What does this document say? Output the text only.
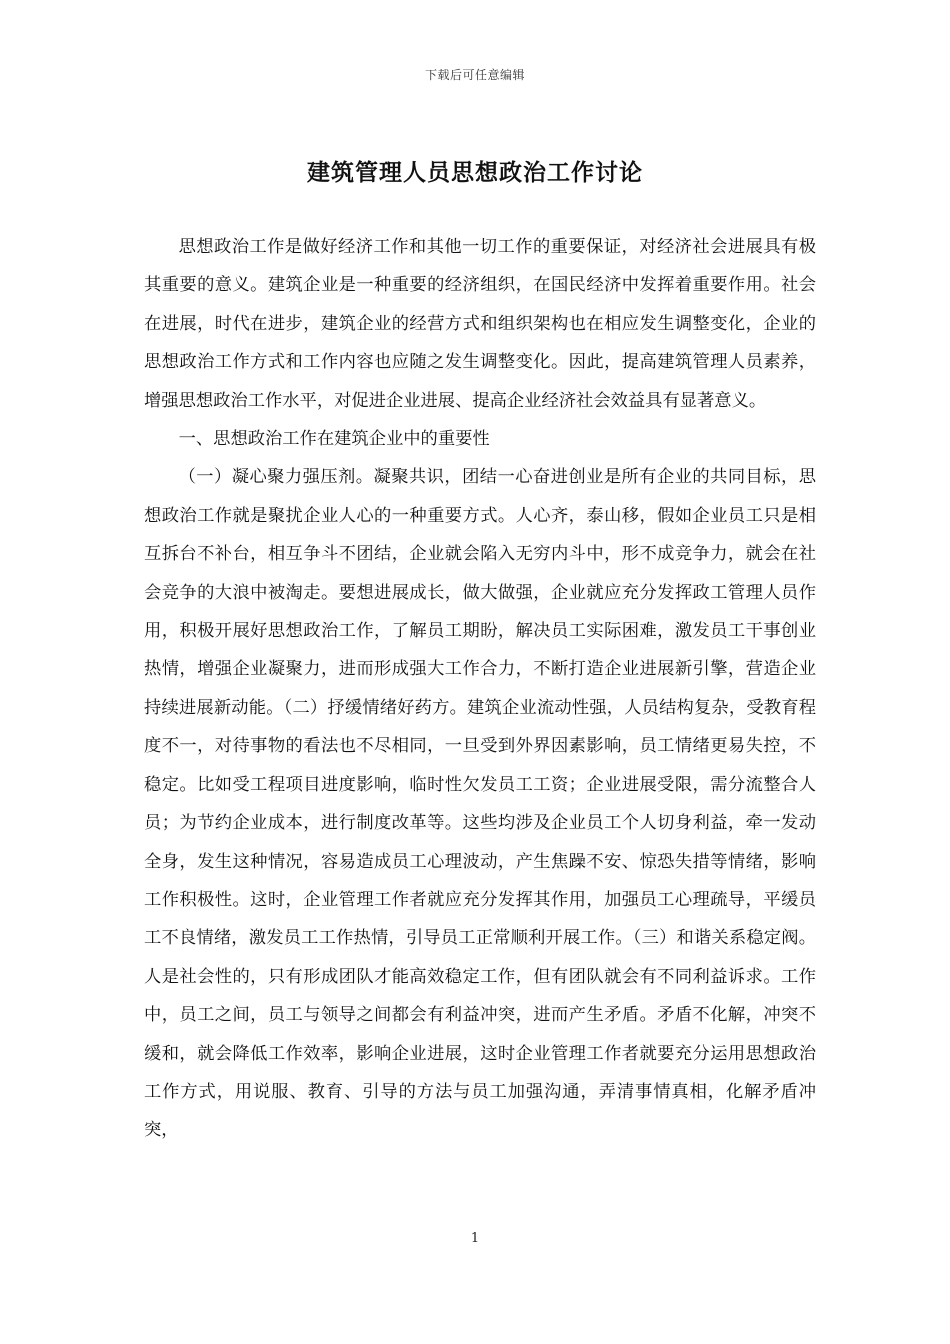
下载后可任意编辑
建筑管理人员思想政治工作讨论

思想政治工作是做好经济工作和其他一切工作的重要保证，对经济社会进展具有极其重要的意义。建筑企业是一种重要的经济组织，在国民经济中发挥着重要作用。社会在进展，时代在进步，建筑企业的经营方式和组织架构也在相应发生调整变化，企业的思想政治工作方式和工作内容也应随之发生调整变化。因此，提高建筑管理人员素养，增强思想政治工作水平，对促进企业进展、提高企业经济社会效益具有显著意义。

一、思想政治工作在建筑企业中的重要性

（一）凝心聚力强压剂。凝聚共识，团结一心奋进创业是所有企业的共同目标，思想政治工作就是聚扰企业人心的一种重要方式。人心齐，泰山移，假如企业员工只是相互拆台不补台，相互争斗不团结，企业就会陷入无穷内斗中，形不成竞争力，就会在社会竞争的大浪中被淘走。要想进展成长，做大做强，企业就应充分发挥政工管理人员作用，积极开展好思想政治工作，了解员工期盼，解决员工实际困难，激发员工干事创业热情，增强企业凝聚力，进而形成强大工作合力，不断打造企业进展新引擎，营造企业持续进展新动能。（二）抒缓情绪好药方。建筑企业流动性强，人员结构复杂，受教育程度不一，对待事物的看法也不尽相同，一旦受到外界因素影响，员工情绪更易失控，不稳定。比如受工程项目进度影响，临时性欠发员工工资；企业进展受限，需分流整合人员；为节约企业成本，进行制度改革等。这些均涉及企业员工个人切身利益，牵一发动全身，发生这种情况，容易造成员工心理波动，产生焦躁不安、惊恐失措等情绪，影响工作积极性。这时，企业管理工作者就应充分发挥其作用，加强员工心理疏导，平缓员工不良情绪，激发员工工作热情，引导员工正常顺利开展工作。（三）和谐关系稳定阀。人是社会性的，只有形成团队才能高效稳定工作，但有团队就会有不同利益诉求。工作中，员工之间，员工与领导之间都会有利益冲突，进而产生矛盾。矛盾不化解，冲突不缓和，就会降低工作效率，影响企业进展，这时企业管理工作者就要充分运用思想政治工作方式，用说服、教育、引导的方法与员工加强沟通，弄清事情真相，化解矛盾冲突，

1
